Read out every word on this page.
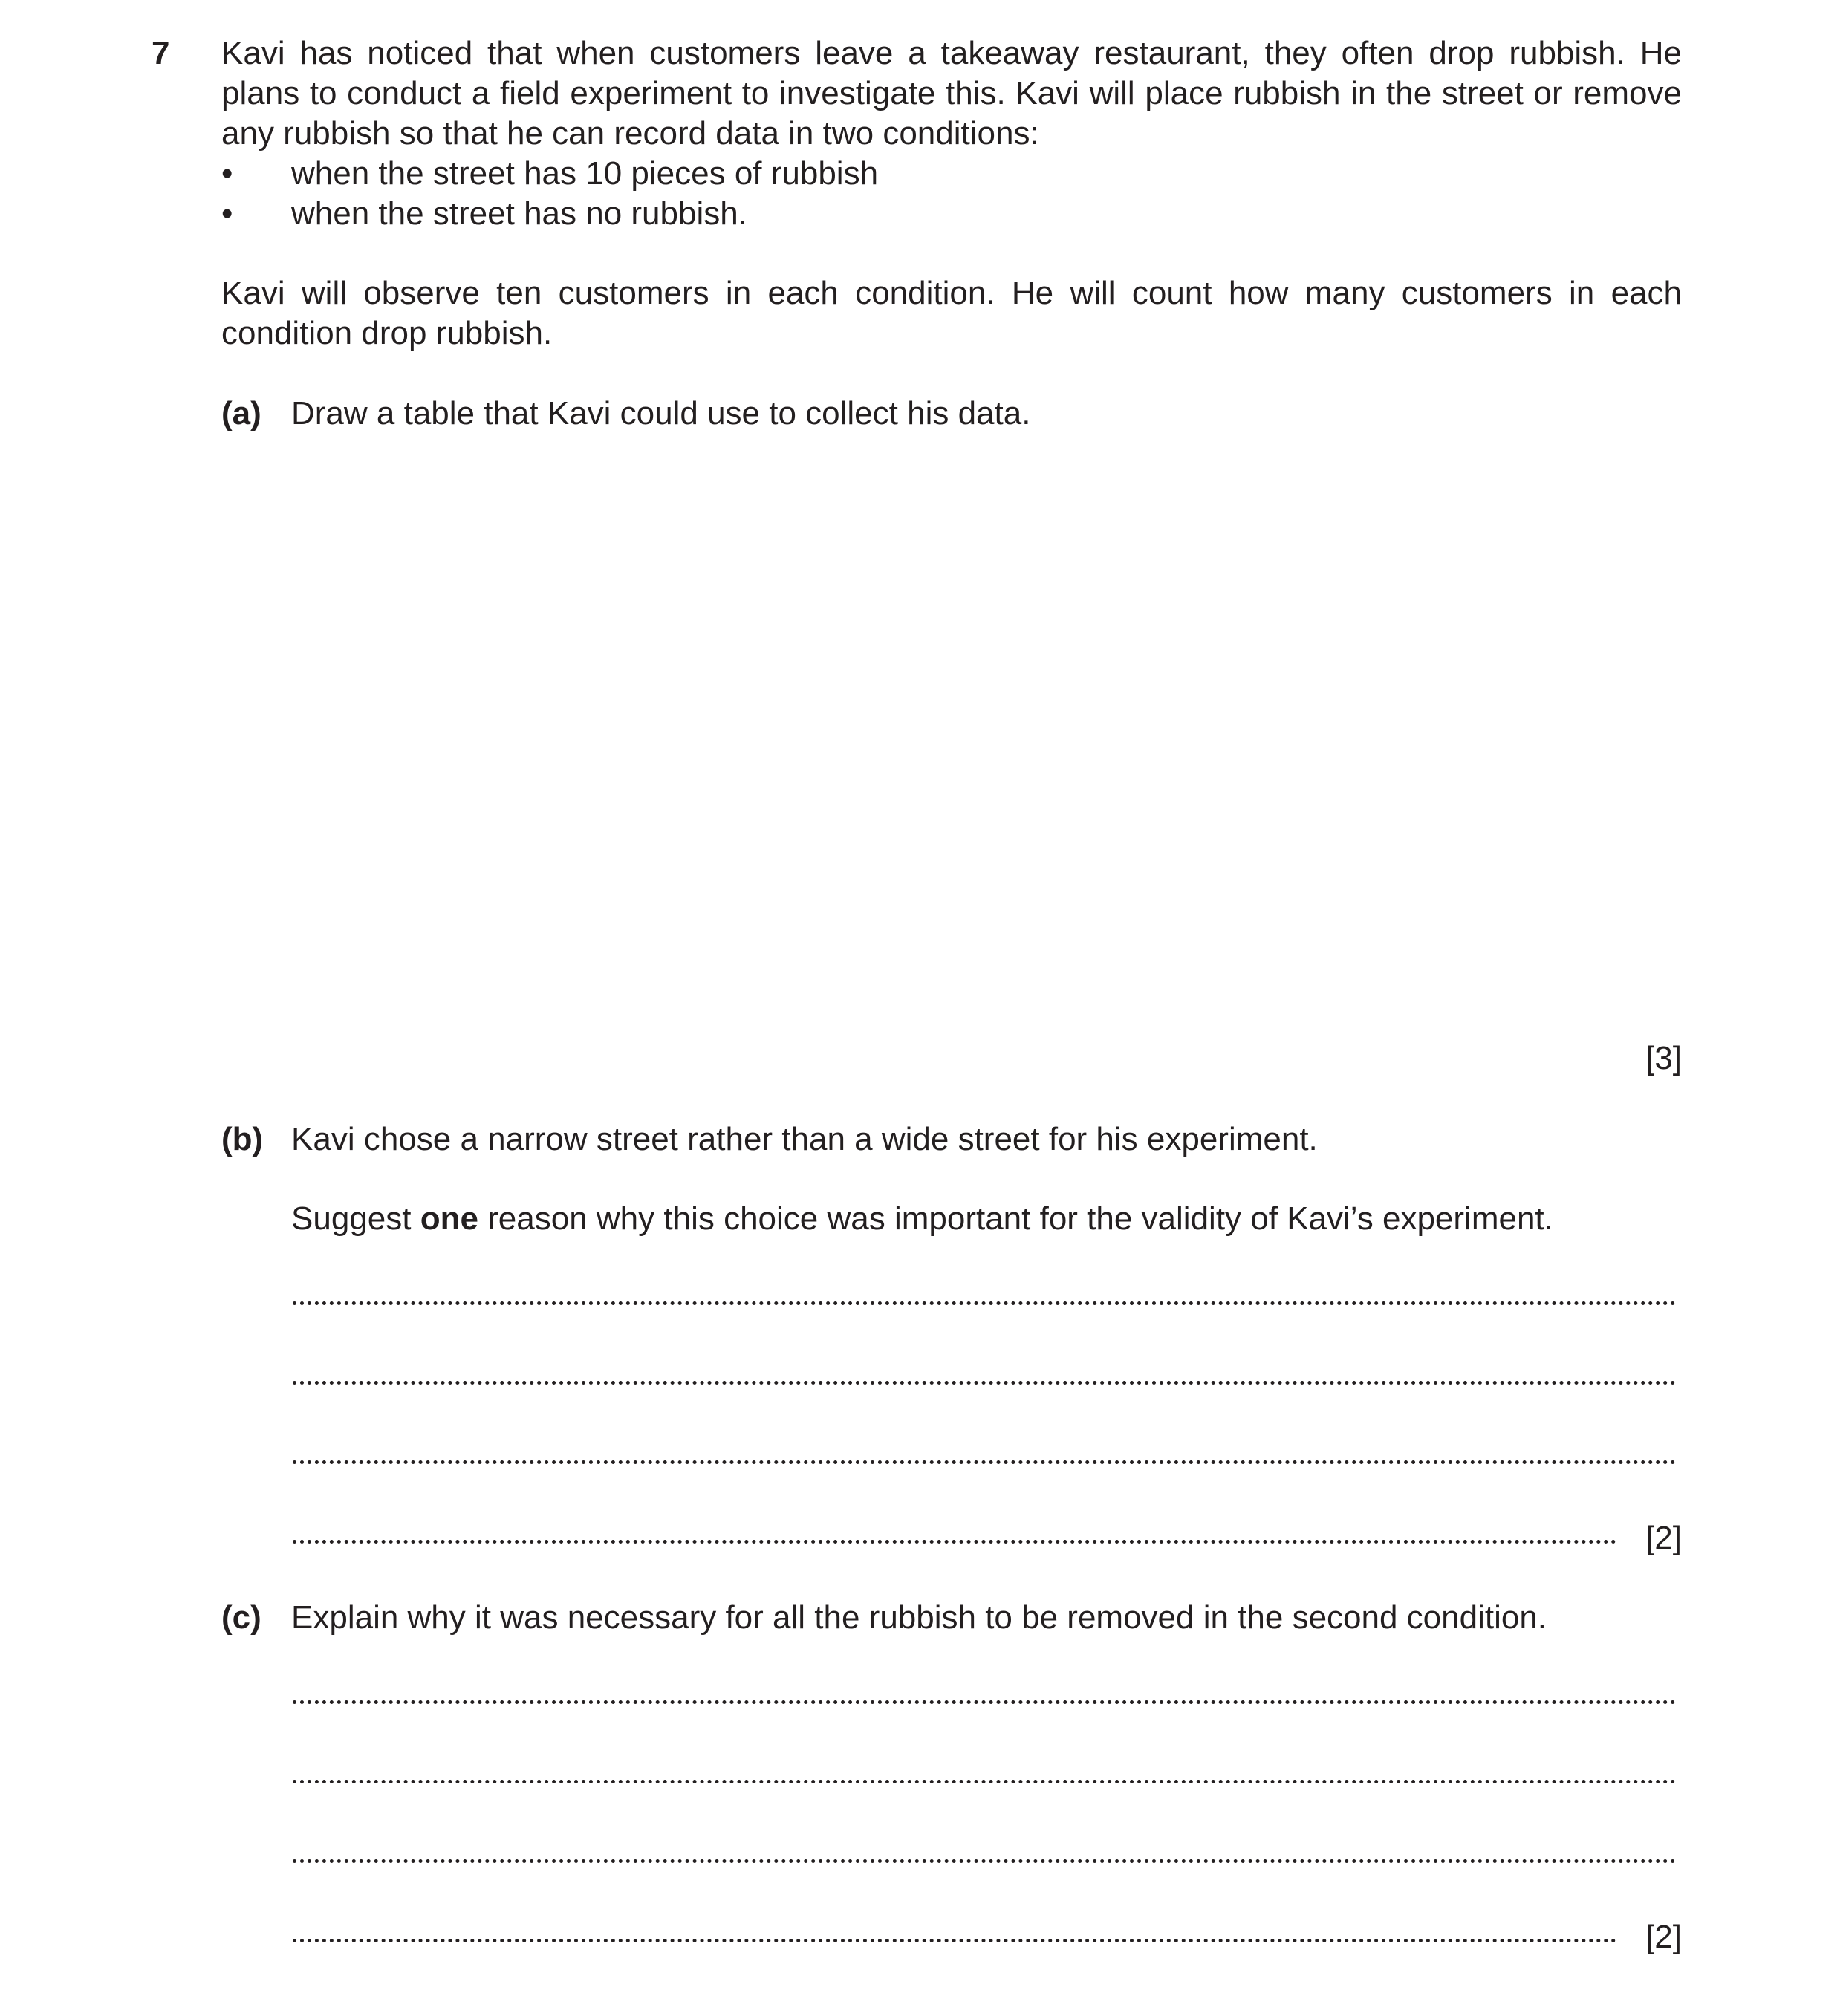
7 Kavi has noticed that when customers leave a takeaway restaurant, they often drop rubbish. He plans to conduct a field experiment to investigate this. Kavi will place rubbish in the street or remove any rubbish so that he can record data in two conditions:
• when the street has 10 pieces of rubbish
• when the street has no rubbish.
Kavi will observe ten customers in each condition. He will count how many customers in each condition drop rubbish.
(a) Draw a table that Kavi could use to collect his data.
[3]
(b) Kavi chose a narrow street rather than a wide street for his experiment.
Suggest one reason why this choice was important for the validity of Kavi’s experiment.
[2]
(c) Explain why it was necessary for all the rubbish to be removed in the second condition.
[2]
